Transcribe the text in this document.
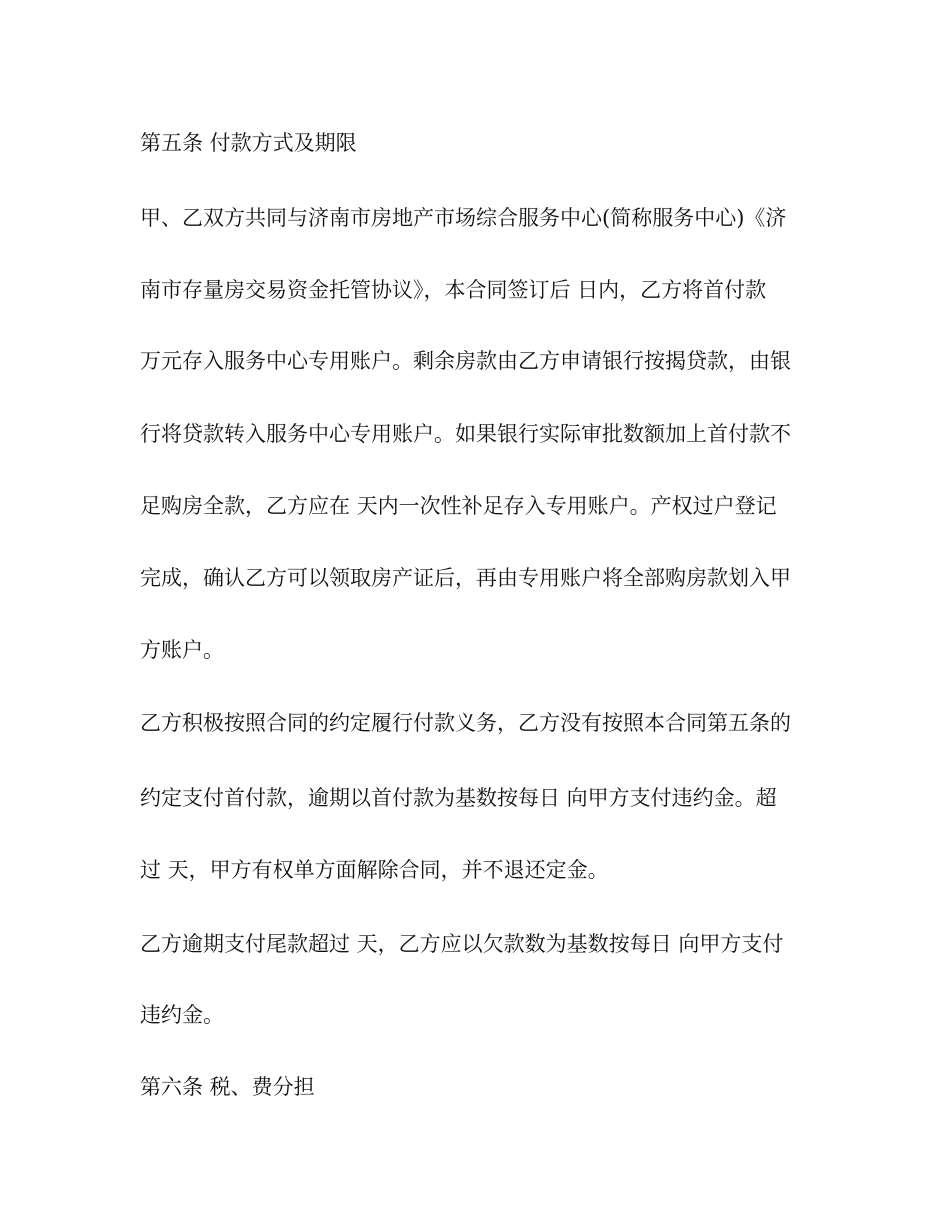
第五条 付款方式及期限
甲、乙双方共同与济南市房地产市场综合服务中心(简称服务中心)《济
南市存量房交易资金托管协议》，本合同签订后 日内，乙方将首付款
万元存入服务中心专用账户。剩余房款由乙方申请银行按揭贷款，由银
行将贷款转入服务中心专用账户。如果银行实际审批数额加上首付款不
足购房全款，乙方应在 天内一次性补足存入专用账户。产权过户登记
完成，确认乙方可以领取房产证后，再由专用账户将全部购房款划入甲
方账户。
乙方积极按照合同的约定履行付款义务，乙方没有按照本合同第五条的
约定支付首付款，逾期以首付款为基数按每日 向甲方支付违约金。超
过 天，甲方有权单方面解除合同，并不退还定金。
乙方逾期支付尾款超过 天，乙方应以欠款数为基数按每日 向甲方支付
违约金。
第六条 税、费分担
